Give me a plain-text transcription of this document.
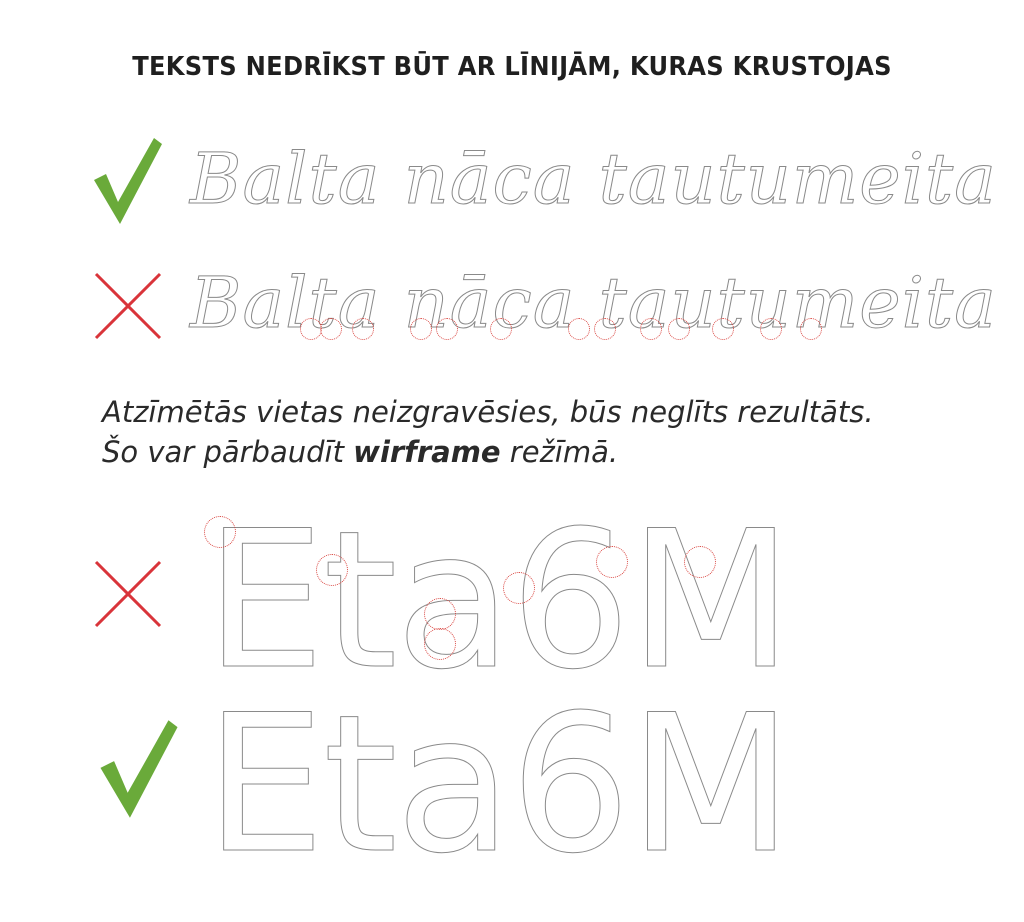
TEKSTS NEDRĪKST BŪT AR LĪNIJĀM, KURAS KRUSTOJAS
Balta nāca tautumeita
Balta nāca tautumeita
Atzīmētās vietas neizgravēsies, būs neglīts rezultāts.
Šo var pārbaudīt wirframe režīmā.
Eta6M
Eta6M
